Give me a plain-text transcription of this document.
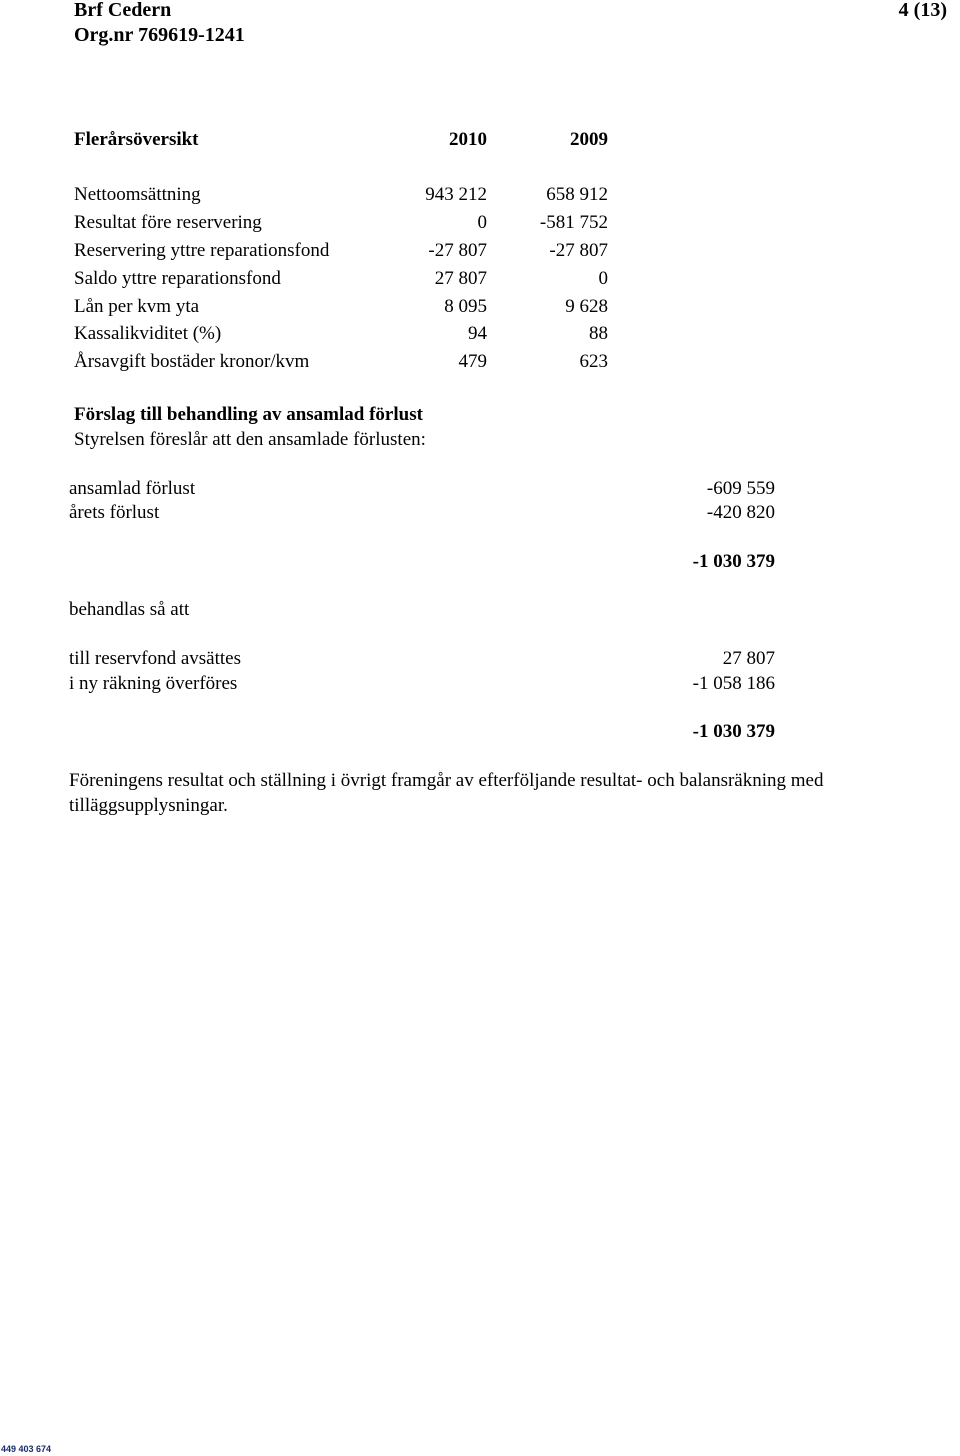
Brf Cedern
Org.nr 769619-1241
4 (13)
Flerårsöversikt	2010	2009
Nettoomsättning	943 212	658 912
Resultat före reservering	0	-581 752
Reservering yttre reparationsfond	-27 807	-27 807
Saldo yttre reparationsfond	27 807	0
Lån per kvm yta	8 095	9 628
Kassalikviditet (%)	94	88
Årsavgift bostäder kronor/kvm	479	623
Förslag till behandling av ansamlad förlust
Styrelsen föreslår att den ansamlade förlusten:
ansamlad förlust	-609 559
årets förlust	-420 820
-1 030 379
behandlas så att
till reservfond avsättes	27 807
i ny räkning överföres	-1 058 186
-1 030 379
Föreningens resultat och ställning i övrigt framgår av efterföljande resultat- och balansräkning med
tilläggsupplysningar.
449 403 674
